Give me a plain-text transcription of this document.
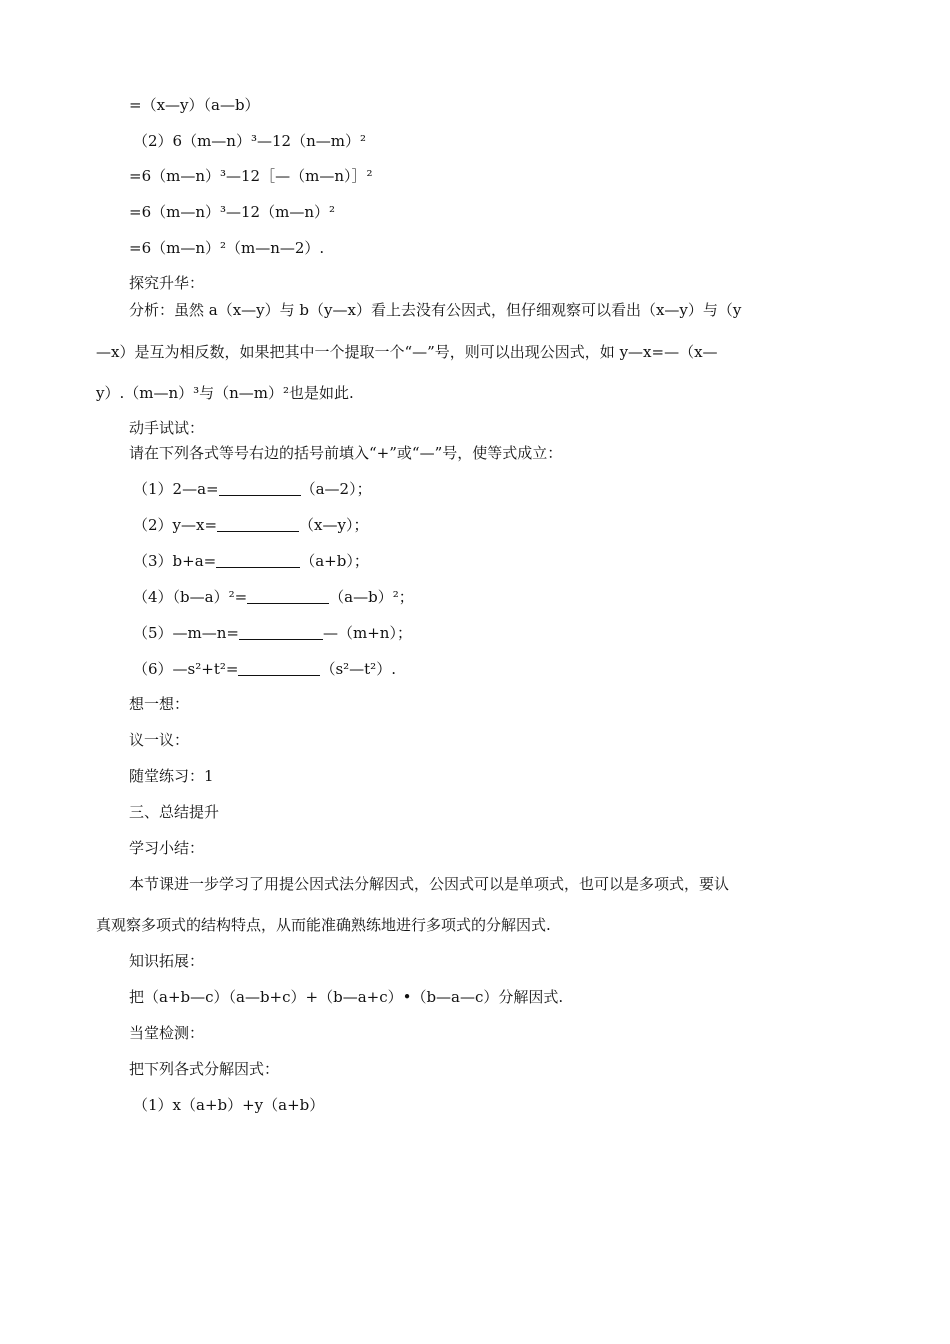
=（x—y）（a—b）
（2）6（m—n）³—12（n—m）²
=6（m—n）³—12［—（m—n）］²
=6（m—n）³—12（m—n）²
=6（m—n）²（m—n—2）.
探究升华：
分析：虽然 a（x—y）与 b（y—x）看上去没有公因式，但仔细观察可以看出（x—y）与（y
—x）是互为相反数，如果把其中一个提取一个“—”号，则可以出现公因式，如 y—x=—（x—
y）.（m—n）³与（n—m）²也是如此.
动手试试：
请在下列各式等号右边的括号前填入“+”或“—”号，使等式成立：
（1）2—a=	（a—2）；
（2）y—x=	（x—y）；
（3）b+a=	（a+b）；
（4）（b—a）²=	（a—b）²；
（5）—m—n=	—（m+n）；
（6）—s²+t²=	（s²—t²）.
想一想：
议一议：
随堂练习：1
三、总结提升
学习小结：
本节课进一步学习了用提公因式法分解因式，公因式可以是单项式，也可以是多项式，要认
真观察多项式的结构特点，从而能准确熟练地进行多项式的分解因式.
知识拓展：
把（a+b—c）（a—b+c）+（b—a+c）•（b—a—c）分解因式.
当堂检测：
把下列各式分解因式：
（1）x（a+b）+y（a+b）
